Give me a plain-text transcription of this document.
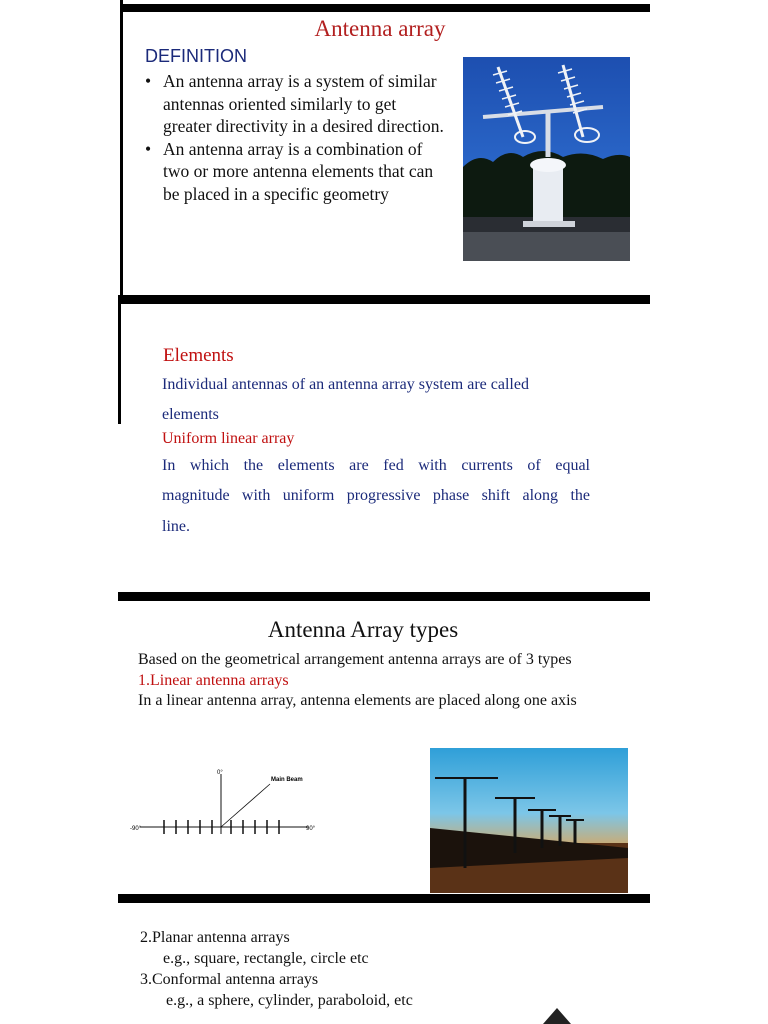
Antenna array
DEFINITION
• An antenna array is a system of similar antennas oriented similarly to get greater directivity in a desired direction.
• An antenna array is a combination of two or more antenna elements that can be placed in a specific geometry
Elements
Individual antennas of an antenna array system are called
elements
Uniform linear array
In which the elements are fed with currents of equal
magnitude with uniform progressive phase shift along the
line.
Antenna Array types
Based on the geometrical arrangement antenna arrays are of 3 types
1.Linear antenna arrays
In a linear antenna array, antenna elements are placed along one axis
Main Beam
0°
-90°	90°
2.Planar antenna arrays
e.g., square, rectangle, circle etc
3.Conformal antenna arrays
e.g., a sphere, cylinder, paraboloid, etc
